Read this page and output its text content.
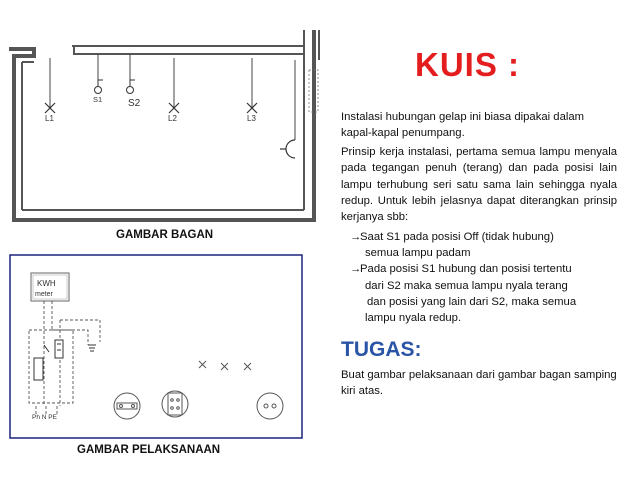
L1
S1	S2
L2	L3
GAMBAR BAGAN
KWH
meter
Ph N PE
GAMBAR PELAKSANAAN
KUIS :
Instalasi hubungan gelap ini biasa dipakai dalam kapal-kapal penumpang.
Prinsip kerja instalasi, pertama semua lampu menyala pada tegangan penuh (terang) dan pada posisi lain lampu terhubung seri satu sama lain sehingga nyala redup. Untuk lebih jelasnya dapat diterangkan prinsip kerjanya sbb:
→
Saat S1 pada posisi Off (tidak hubung)
semua lampu padam
→
Pada posisi S1 hubung dan posisi tertentu
dari S2 maka semua lampu nyala terang
dan posisi yang lain dari S2, maka semua
lampu nyala redup.
TUGAS:
Buat gambar pelaksanaan dari gambar bagan samping kiri atas.
